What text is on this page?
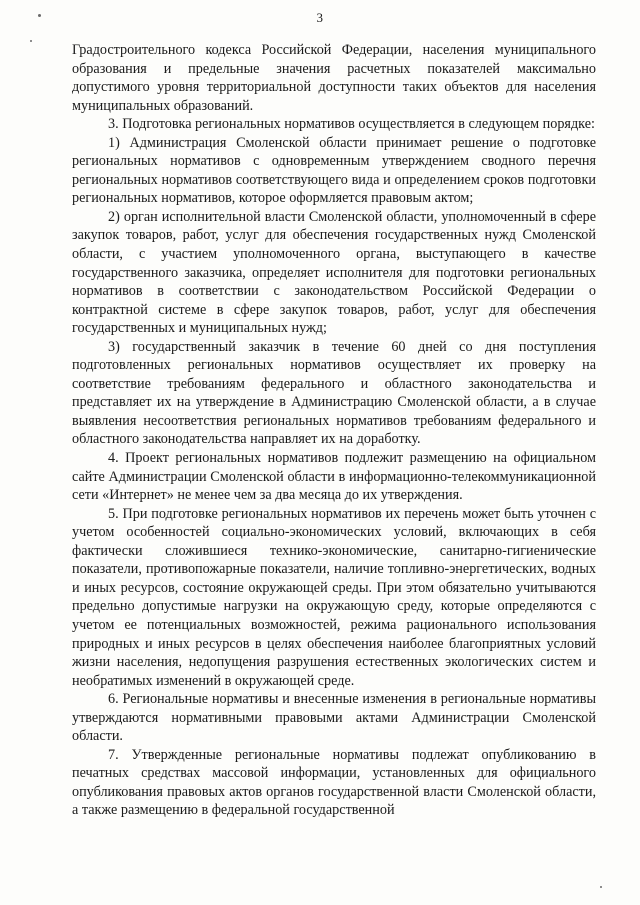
3

Градостроительного кодекса Российской Федерации, населения муниципального образования и предельные значения расчетных показателей максимально допустимого уровня территориальной доступности таких объектов для населения муниципальных образований.

3. Подготовка региональных нормативов осуществляется в следующем порядке:

1) Администрация Смоленской области принимает решение о подготовке региональных нормативов с одновременным утверждением сводного перечня региональных нормативов соответствующего вида и определением сроков подготовки региональных нормативов, которое оформляется правовым актом;

2) орган исполнительной власти Смоленской области, уполномоченный в сфере закупок товаров, работ, услуг для обеспечения государственных нужд Смоленской области, с участием уполномоченного органа, выступающего в качестве государственного заказчика, определяет исполнителя для подготовки региональных нормативов в соответствии с законодательством Российской Федерации о контрактной системе в сфере закупок товаров, работ, услуг для обеспечения государственных и муниципальных нужд;

3) государственный заказчик в течение 60 дней со дня поступления подготовленных региональных нормативов осуществляет их проверку на соответствие требованиям федерального и областного законодательства и представляет их на утверждение в Администрацию Смоленской области, а в случае выявления несоответствия региональных нормативов требованиям федерального и областного законодательства направляет их на доработку.

4. Проект региональных нормативов подлежит размещению на официальном сайте Администрации Смоленской области в информационно-телекоммуникационной сети «Интернет» не менее чем за два месяца до их утверждения.

5. При подготовке региональных нормативов их перечень может быть уточнен с учетом особенностей социально-экономических условий, включающих в себя фактически сложившиеся технико-экономические, санитарно-гигиенические показатели, противопожарные показатели, наличие топливно-энергетических, водных и иных ресурсов, состояние окружающей среды. При этом обязательно учитываются предельно допустимые нагрузки на окружающую среду, которые определяются с учетом ее потенциальных возможностей, режима рационального использования природных и иных ресурсов в целях обеспечения наиболее благоприятных условий жизни населения, недопущения разрушения естественных экологических систем и необратимых изменений в окружающей среде.

6. Региональные нормативы и внесенные изменения в региональные нормативы утверждаются нормативными правовыми актами Администрации Смоленской области.

7. Утвержденные региональные нормативы подлежат опубликованию в печатных средствах массовой информации, установленных для официального опубликования правовых актов органов государственной власти Смоленской области, а также размещению в федеральной государственной
